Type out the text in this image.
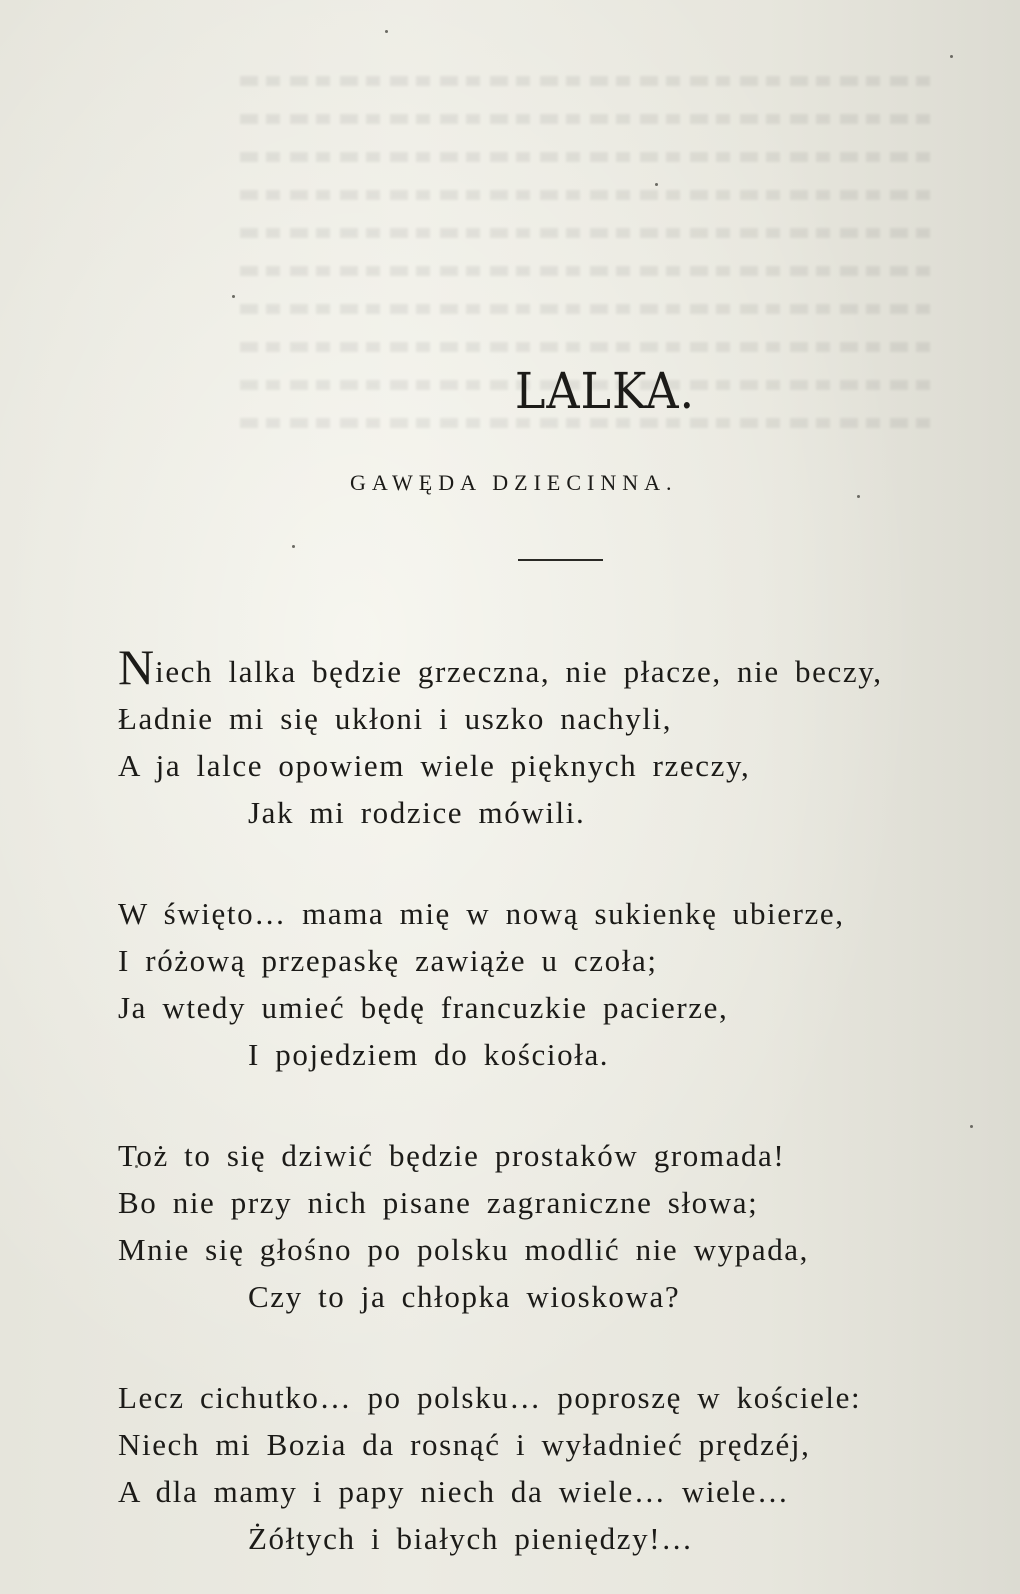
LALKA.
GAWĘDA DZIECINNA.
Niech lalka będzie grzeczna, nie płacze, nie beczy,
Ładnie mi się ukłoni i uszko nachyli,
A ja lalce opowiem wiele pięknych rzeczy,
Jak mi rodzice mówili.
W święto… mama mię w nową sukienkę ubierze,
I różową przepaskę zawiąże u czoła;
Ja wtedy umieć będę francuzkie pacierze,
I pojedziem do kościoła.
Toż to się dziwić będzie prostaków gromada!
Bo nie przy nich pisane zagraniczne słowa;
Mnie się głośno po polsku modlić nie wypada,
Czy to ja chłopka wioskowa?
Lecz cichutko… po polsku… poproszę w kościele:
Niech mi Bozia da rosnąć i wyładnieć prędzéj,
A dla mamy i papy niech da wiele… wiele…
Żółtych i białych pieniędzy!…
